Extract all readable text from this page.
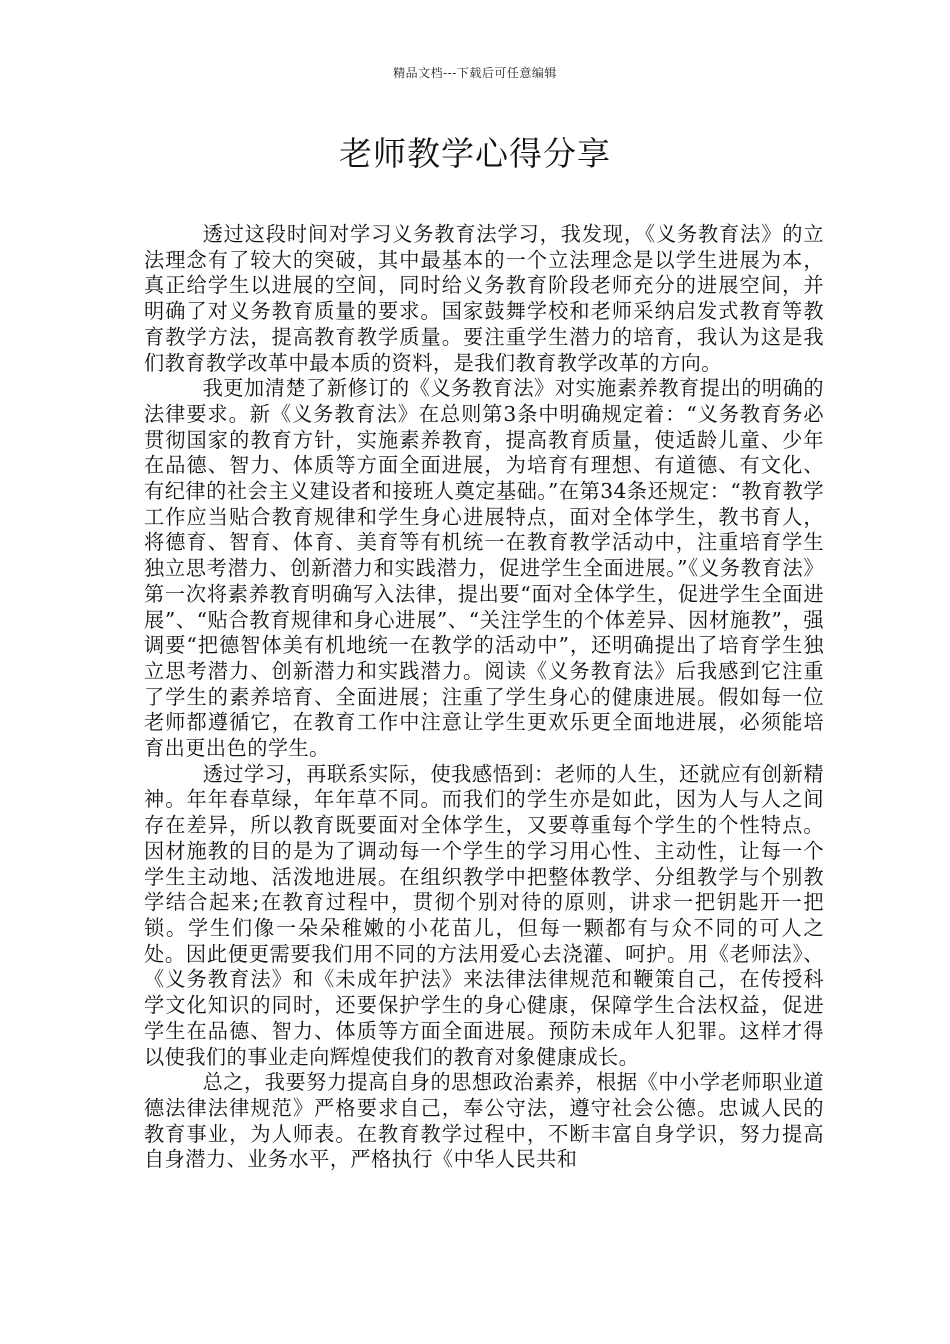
精品文档---下载后可任意编辑
老师教学心得分享

透过这段时间对学习义务教育法学习，我发现，《义务教育法》的立法理念有了较大的突破，其中最基本的一个立法理念是以学生进展为本，真正给学生以进展的空间，同时给义务教育阶段老师充分的进展空间，并明确了对义务教育质量的要求。国家鼓舞学校和老师采纳启发式教育等教育教学方法，提高教育教学质量。要注重学生潜力的培育，我认为这是我们教育教学改革中最本质的资料，是我们教育教学改革的方向。

我更加清楚了新修订的《义务教育法》对实施素养教育提出的明确的法律要求。新《义务教育法》在总则第3条中明确规定着：“义务教育务必贯彻国家的教育方针，实施素养教育，提高教育质量，使适龄儿童、少年在品德、智力、体质等方面全面进展，为培育有理想、有道德、有文化、有纪律的社会主义建设者和接班人奠定基础。”在第34条还规定：“教育教学工作应当贴合教育规律和学生身心进展特点，面对全体学生，教书育人，将德育、智育、体育、美育等有机统一在教育教学活动中，注重培育学生独立思考潜力、创新潜力和实践潜力，促进学生全面进展。”《义务教育法》第一次将素养教育明确写入法律，提出要“面对全体学生，促进学生全面进展”、“贴合教育规律和身心进展”、“关注学生的个体差异、因材施教”，强调要“把德智体美有机地统一在教学的活动中”，还明确提出了培育学生独立思考潜力、创新潜力和实践潜力。阅读《义务教育法》后我感到它注重了学生的素养培育、全面进展；注重了学生身心的健康进展。假如每一位老师都遵循它，在教育工作中注意让学生更欢乐更全面地进展，必须能培育出更出色的学生。

透过学习，再联系实际，使我感悟到：老师的人生，还就应有创新精神。年年春草绿，年年草不同。而我们的学生亦是如此，因为人与人之间存在差异，所以教育既要面对全体学生，又要尊重每个学生的个性特点。因材施教的目的是为了调动每一个学生的学习用心性、主动性，让每一个学生主动地、活泼地进展。在组织教学中把整体教学、分组教学与个别教学结合起来;在教育过程中，贯彻个别对待的原则，讲求一把钥匙开一把锁。学生们像一朵朵稚嫩的小花苗儿，但每一颗都有与众不同的可人之处。因此便更需要我们用不同的方法用爱心去浇灌、呵护。用《老师法》、《义务教育法》和《未成年护法》来法律法律规范和鞭策自己，在传授科学文化知识的同时，还要保护学生的身心健康，保障学生合法权益，促进学生在品德、智力、体质等方面全面进展。预防未成年人犯罪。这样才得以使我们的事业走向辉煌使我们的教育对象健康成长。

总之，我要努力提高自身的思想政治素养，根据《中小学老师职业道德法律法律规范》严格要求自己，奉公守法，遵守社会公德。忠诚人民的教育事业，为人师表。在教育教学过程中，不断丰富自身学识，努力提高自身潜力、业务水平，严格执行《中华人民共和
